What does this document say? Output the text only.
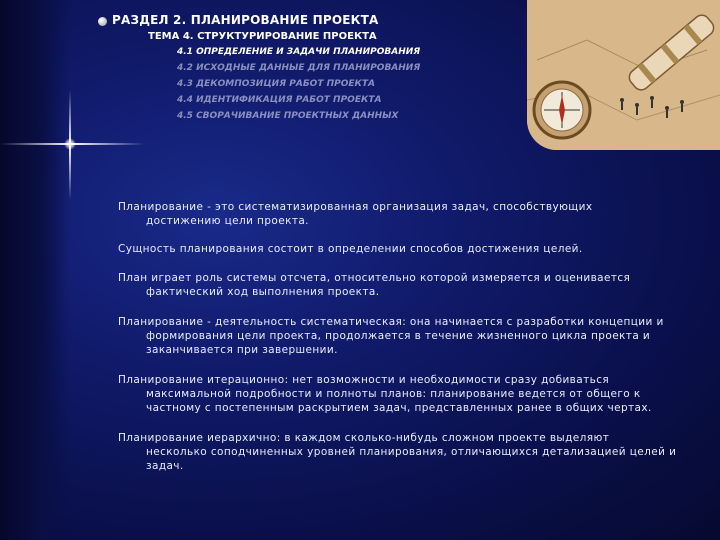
РАЗДЕЛ 2. ПЛАНИРОВАНИЕ ПРОЕКТА
ТЕМА 4. СТРУКТУРИРОВАНИЕ ПРОЕКТА
4.1 ОПРЕДЕЛЕНИЕ И ЗАДАЧИ ПЛАНИРОВАНИЯ
4.2 ИСХОДНЫЕ ДАННЫЕ ДЛЯ ПЛАНИРОВАНИЯ
4.3 ДЕКОМПОЗИЦИЯ РАБОТ ПРОЕКТА
4.4 ИДЕНТИФИКАЦИЯ РАБОТ ПРОЕКТА
4.5 СВОРАЧИВАНИЕ ПРОЕКТНЫХ ДАННЫХ
Планирование - это систематизированная организация задач, способствующих
достижению цели проекта.
Сущность планирования состоит в определении способов достижения целей.
План играет роль системы отсчета, относительно которой измеряется и оценивается
фактический ход выполнения проекта.
Планирование - деятельность систематическая: она начинается с разработки концепции и
формирования цели проекта, продолжается в течение жизненного цикла проекта и
заканчивается при завершении.
Планирование итерационно: нет возможности и необходимости сразу добиваться
максимальной подробности и полноты планов: планирование ведется от общего к
частному с постепенным раскрытием задач, представленных ранее в общих чертах.
Планирование иерархично: в каждом сколько-нибудь сложном проекте выделяют
несколько соподчиненных уровней планирования, отличающихся детализацией целей и
задач.
